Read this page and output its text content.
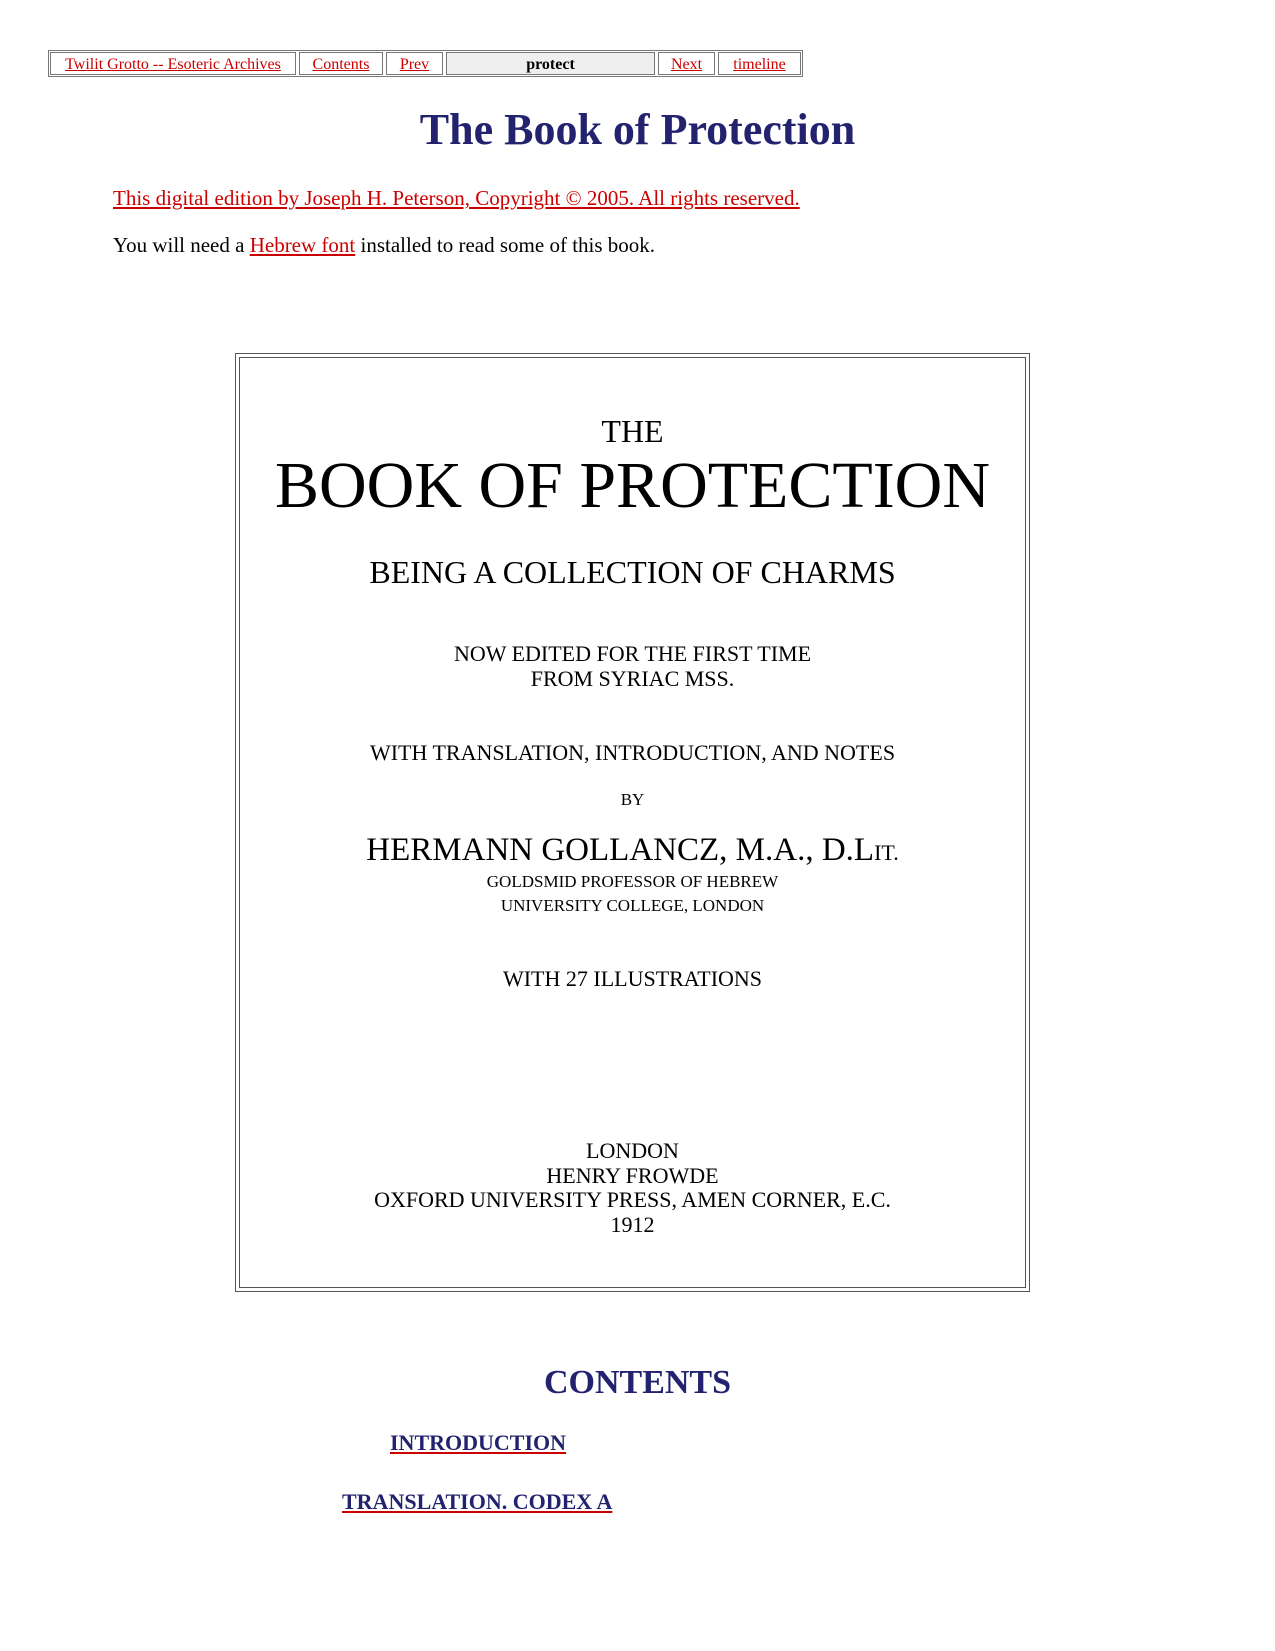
Twilit Grotto -- Esoteric Archives	Contents	Prev	protect	Next	timeline
The Book of Protection

This digital edition by Joseph H. Peterson, Copyright © 2005. All rights reserved.

You will need a Hebrew font installed to read some of this book.

THE

BOOK OF PROTECTION

BEING A COLLECTION OF CHARMS

NOW EDITED FOR THE FIRST TIME

FROM SYRIAC MSS.

WITH TRANSLATION, INTRODUCTION, AND NOTES

BY

HERMANN GOLLANCZ, M.A., D.LIT.

GOLDSMID PROFESSOR OF HEBREW

UNIVERSITY COLLEGE, LONDON

WITH 27 ILLUSTRATIONS

LONDON

HENRY FROWDE

OXFORD UNIVERSITY PRESS, AMEN CORNER, E.C.

1912

CONTENTS
INTRODUCTION
TRANSLATION. CODEX A
